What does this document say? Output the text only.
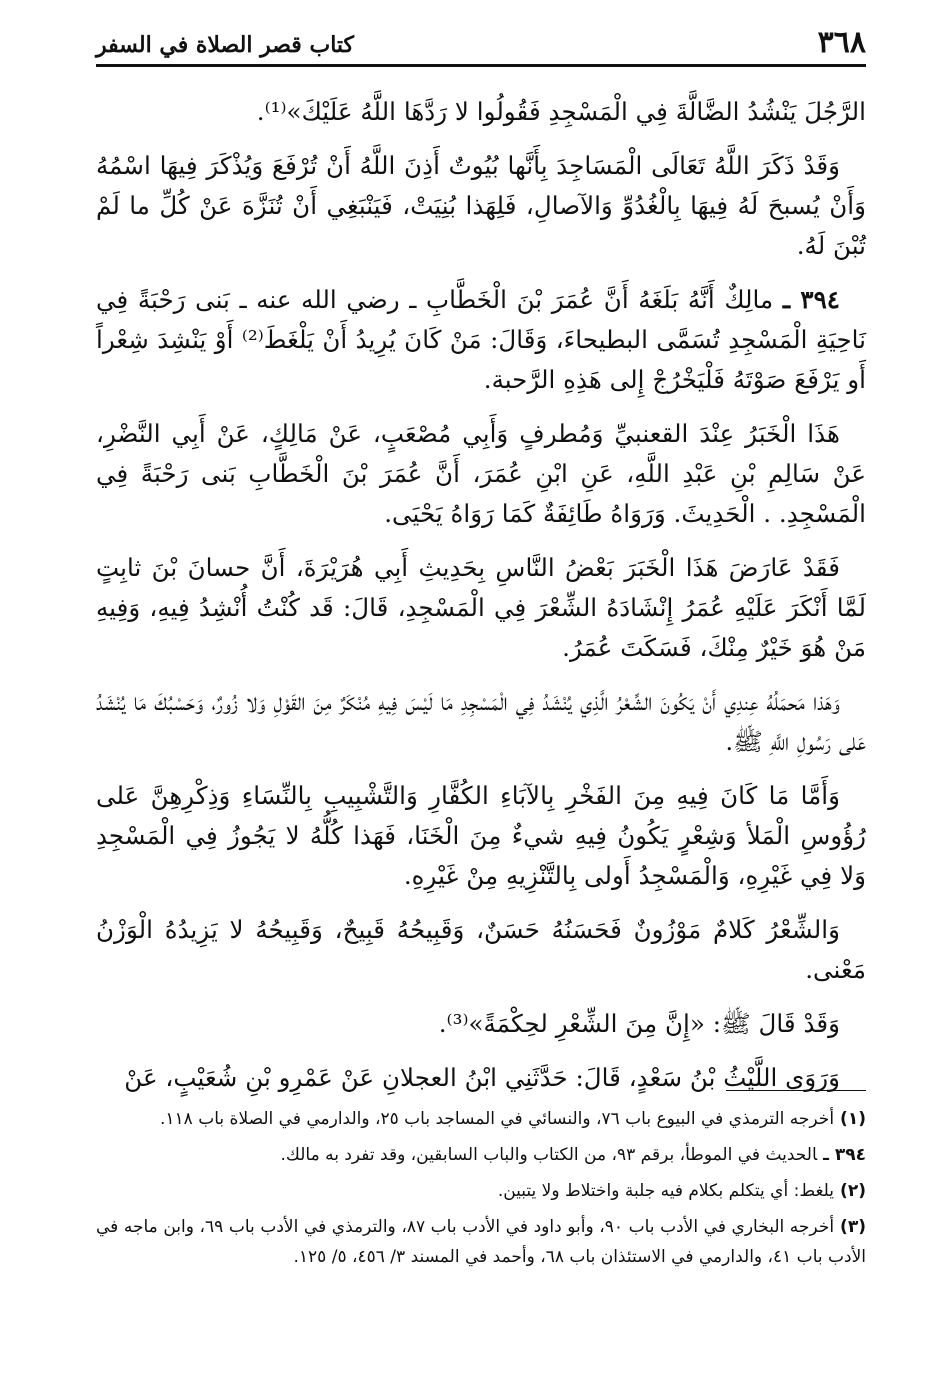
٣٦٨
كتاب قصر الصلاة في السفر

الرَّجُلَ يَنْشُدُ الضَّالَّةَ فِي الْمَسْجِدِ فَقُولُوا لا رَدَّهَا اللَّهُ عَلَيْكَ»⁽¹⁾.

وَقَدْ ذَكَرَ اللَّهُ تَعَالَى الْمَسَاجِدَ بِأَنَّها بُيُوتٌ أَذِنَ اللَّهُ أَنْ تُرْفَعَ وَيُذْكَرَ فِيهَا اسْمُهُ وَأَنْ يُسبحَ لَهُ فِيهَا بِالْغُدُوِّ وَالآصالِ، فَلِهَذا بُنِيَتْ، فَيَنْبَغِي أَنْ تُنَزَّهَ عَنْ كُلِّ ما لَمْ تُبْنَ لَهُ.

٣٩٤ ـ مالِكٌ أَنَّهُ بَلَغَهُ أَنَّ عُمَرَ بْنَ الْخَطَّابِ ـ رضي الله عنه ـ بَنى رَحْبَةً فِي نَاحِيَةِ الْمَسْجِدِ تُسَمَّى البطيحاءَ، وَقَالَ: مَنْ كَانَ يُرِيدُ أَنْ يَلْغَطَ⁽²⁾ أَوْ يَنْشِدَ شِعْراً أَو يَرْفَعَ صَوْتَهُ فَلْيَخْرُجْ إِلى هَذِهِ الرَّحبة.

هَذَا الْخَبَرُ عِنْدَ القعنبيِّ وَمُطرفٍ وَأَبِي مُصْعَبٍ، عَنْ مَالِكٍ، عَنْ أَبِي النَّضْرِ، عَنْ سَالِمِ بْنِ عَبْدِ اللَّهِ، عَنِ ابْنِ عُمَرَ، أَنَّ عُمَرَ بْنَ الْخَطَّابِ بَنى رَحْبَةً فِي الْمَسْجِدِ. . الْحَدِيثَ. وَرَوَاهُ طَائِفَةٌ كَمَا رَوَاهُ يَحْيَى.

فَقَدْ عَارَضَ هَذَا الْخَبَرَ بَعْضُ النَّاسِ بِحَدِيثِ أَبِي هُرَيْرَةَ، أَنَّ حسانَ بْنَ ثابِتٍ لَمَّا أَنْكَرَ عَلَيْهِ عُمَرُ إِنْشَادَهُ الشِّعْرَ فِي الْمَسْجِدِ، قَالَ: قَد كُنْتُ أُنْشِدُ فِيهِ، وَفِيهِ مَنْ هُوَ خَيْرٌ مِنْكَ، فَسَكَتَ عُمَرُ.

وَهَذا مَحمَلُهُ عِندِي أَنْ يَكُونَ الشِّعْرُ الَّذِي يُنْشَدُ فِي الْمَسْجِدِ مَا لَيْسَ فِيهِ مُنْكَرٌ مِنَ القَوْلِ وَلا زُورٌ، وَحَسْبُكَ مَا يُنْشَدُ عَلى رَسُولِ اللَّهِ ﷺ.

وَأَمَّا مَا كَانَ فِيهِ مِنَ الفَخْرِ بِالآبَاءِ الكُفَّارِ وَالتَّشْبِيبِ بِالنِّسَاءِ وَذِكْرِهِنَّ عَلى رُؤُوسِ الْمَلأ وَشِعْرٍ يَكُونُ فِيهِ شيءٌ مِنَ الْخَنَا، فَهَذا كُلُّهُ لا يَجُوزُ فِي الْمَسْجِدِ وَلا فِي غَيْرِهِ، وَالْمَسْجِدُ أَولى بِالتَّنْزِيهِ مِنْ غَيْرِهِ.

وَالشِّعْرُ كَلامٌ مَوْزُونٌ فَحَسَنُهُ حَسَنٌ، وَقَبِيحُهُ قَبِيحٌ، وَقَبِيحُهُ لا يَزِيدُهُ الْوَزْنُ مَعْنى.

وَقَدْ قَالَ ﷺ: «إِنَّ مِنَ الشِّعْرِ لحِكْمَةً»⁽³⁾.

وَرَوَى اللَّيْثُ بْنُ سَعْدٍ، قَالَ: حَدَّثَنِي ابْنُ العجلانِ عَنْ عَمْرِو بْنِ شُعَيْبٍ، عَنْ

(١)أخرجه الترمذي في البيوع باب ٧٦، والنسائي في المساجد باب ٢٥، والدارمي في الصلاة باب ١١٨.

٣٩٤ ـالحديث في الموطأ، برقم ٩٣، من الكتاب والباب السابقين، وقد تفرد به مالك.

(٢)يلغط: أي يتكلم بكلام فيه جلبة واختلاط ولا يتبين.

(٣)أخرجه البخاري في الأدب باب ٩٠، وأبو داود في الأدب باب ٨٧، والترمذي في الأدب باب ٦٩، وابن ماجه في الأدب باب ٤١، والدارمي في الاستئذان باب ٦٨، وأحمد في المسند ٣/ ٤٥٦، ٥/ ١٢٥.
